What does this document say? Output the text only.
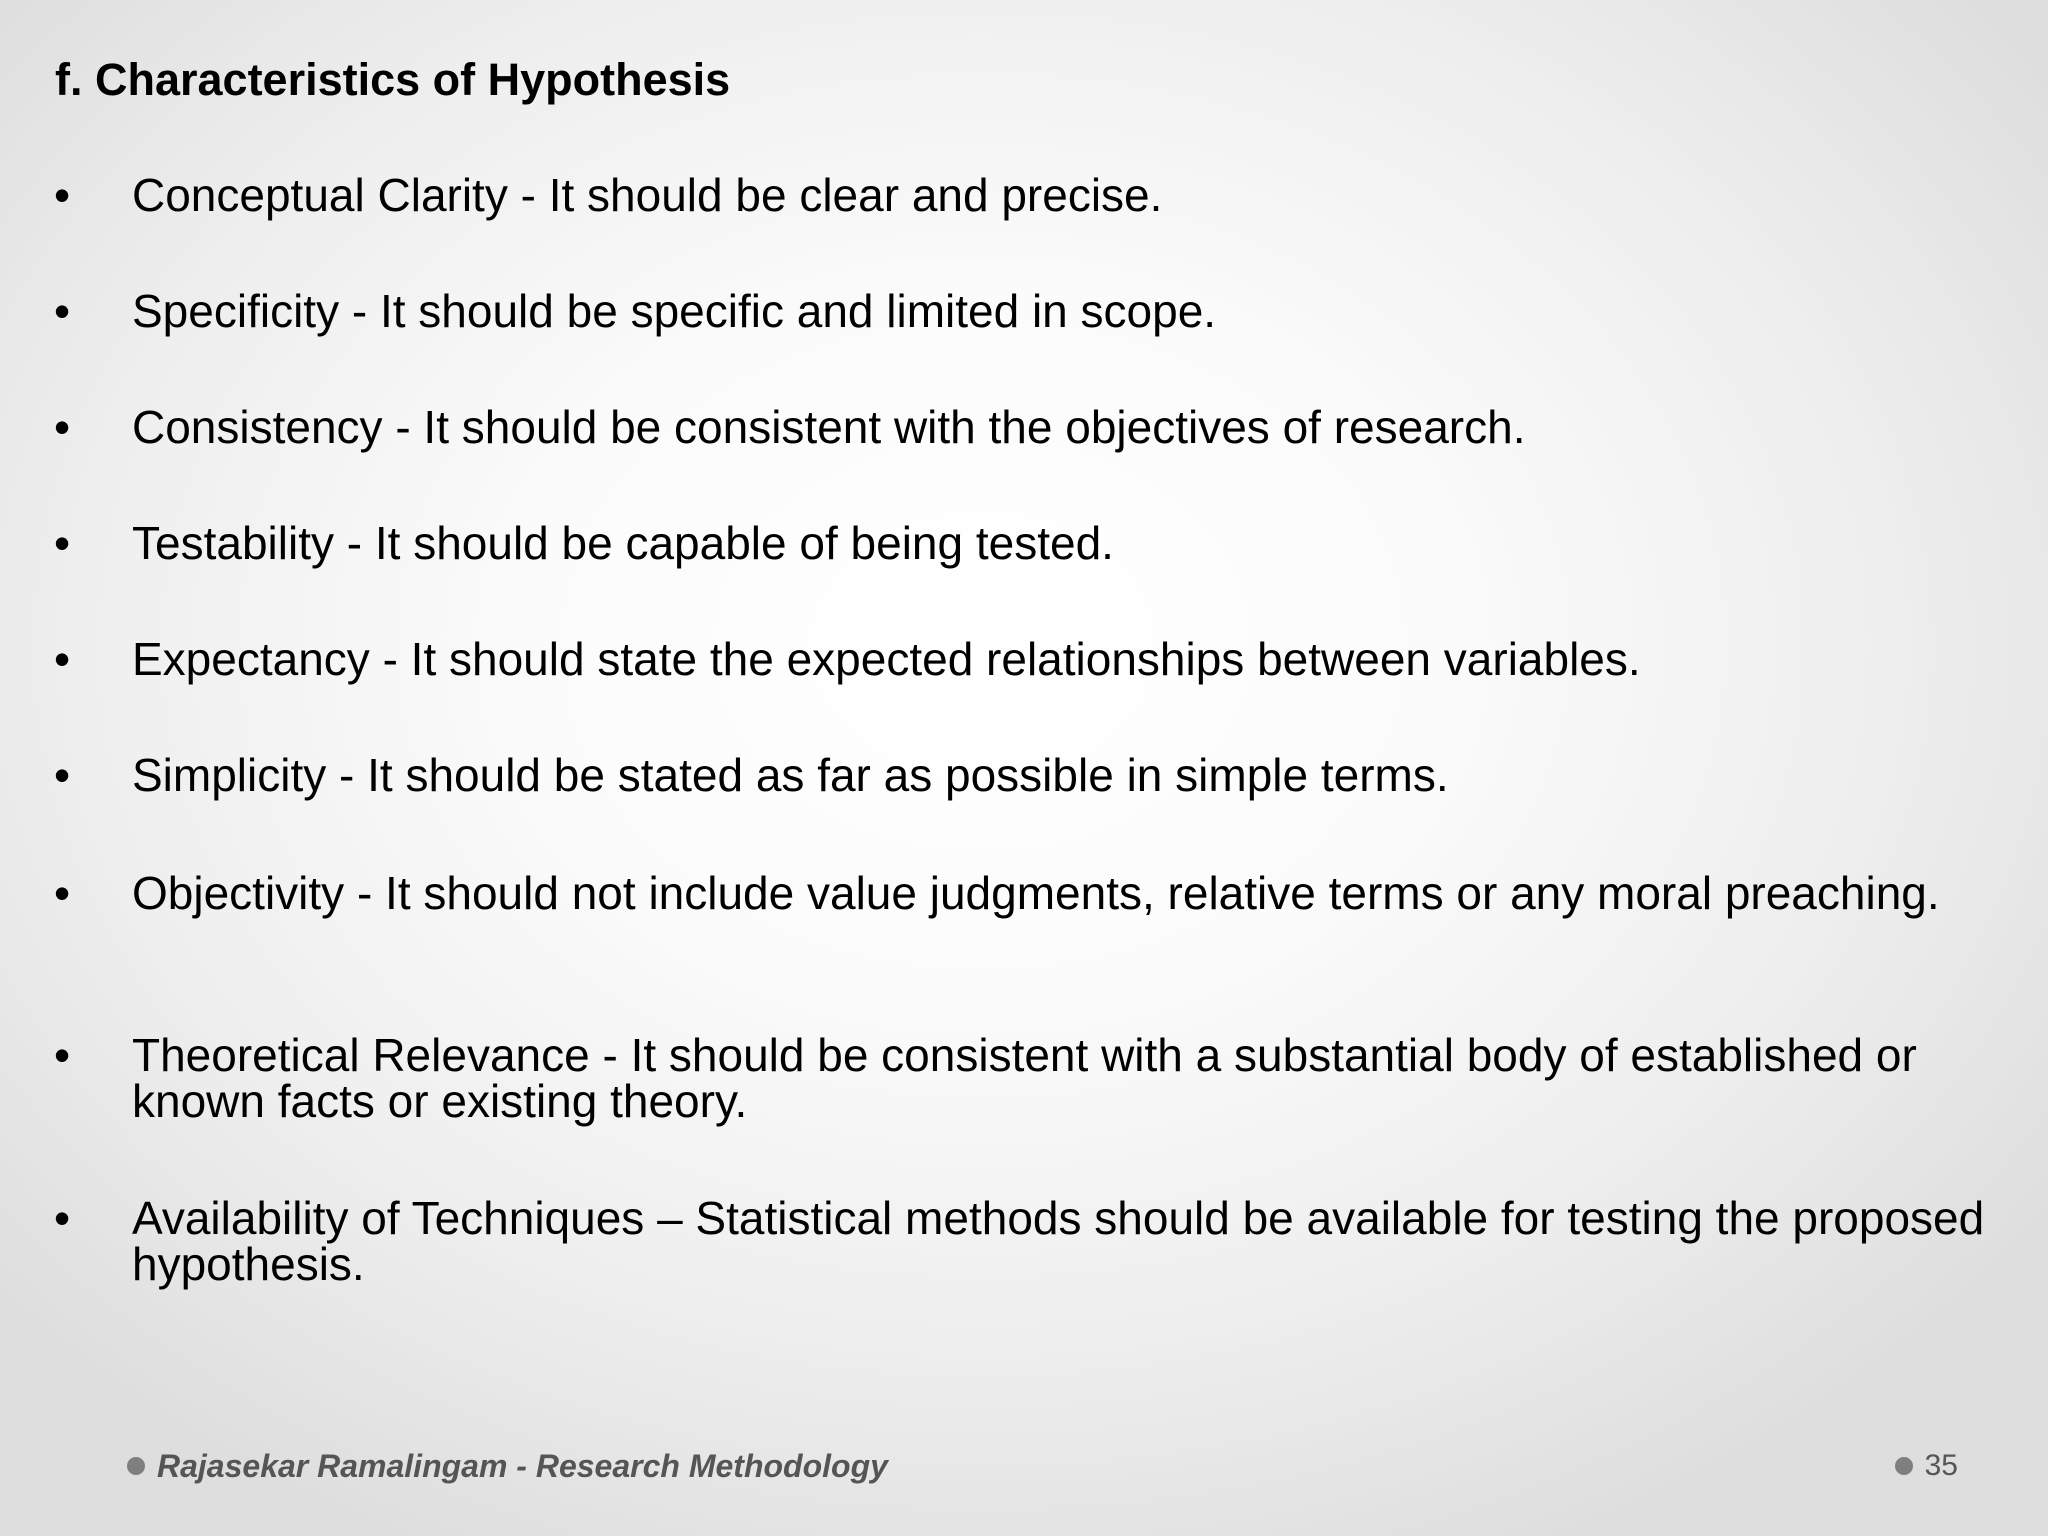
f. Characteristics of Hypothesis
• Conceptual Clarity - It should be clear and precise.
• Specificity - It should be specific and limited in scope.
• Consistency - It should be consistent with the objectives of research.
• Testability - It should be capable of being tested.
• Expectancy - It should state the expected relationships between variables.
• Simplicity - It should be stated as far as possible in simple terms.
• Objectivity - It should not include value judgments, relative terms or any moral preaching.
• Theoretical Relevance - It should be consistent with a substantial body of established or known facts or existing theory.
• Availability of Techniques – Statistical methods should be available for testing the proposed hypothesis.
Rajasekar Ramalingam - Research Methodology	35
